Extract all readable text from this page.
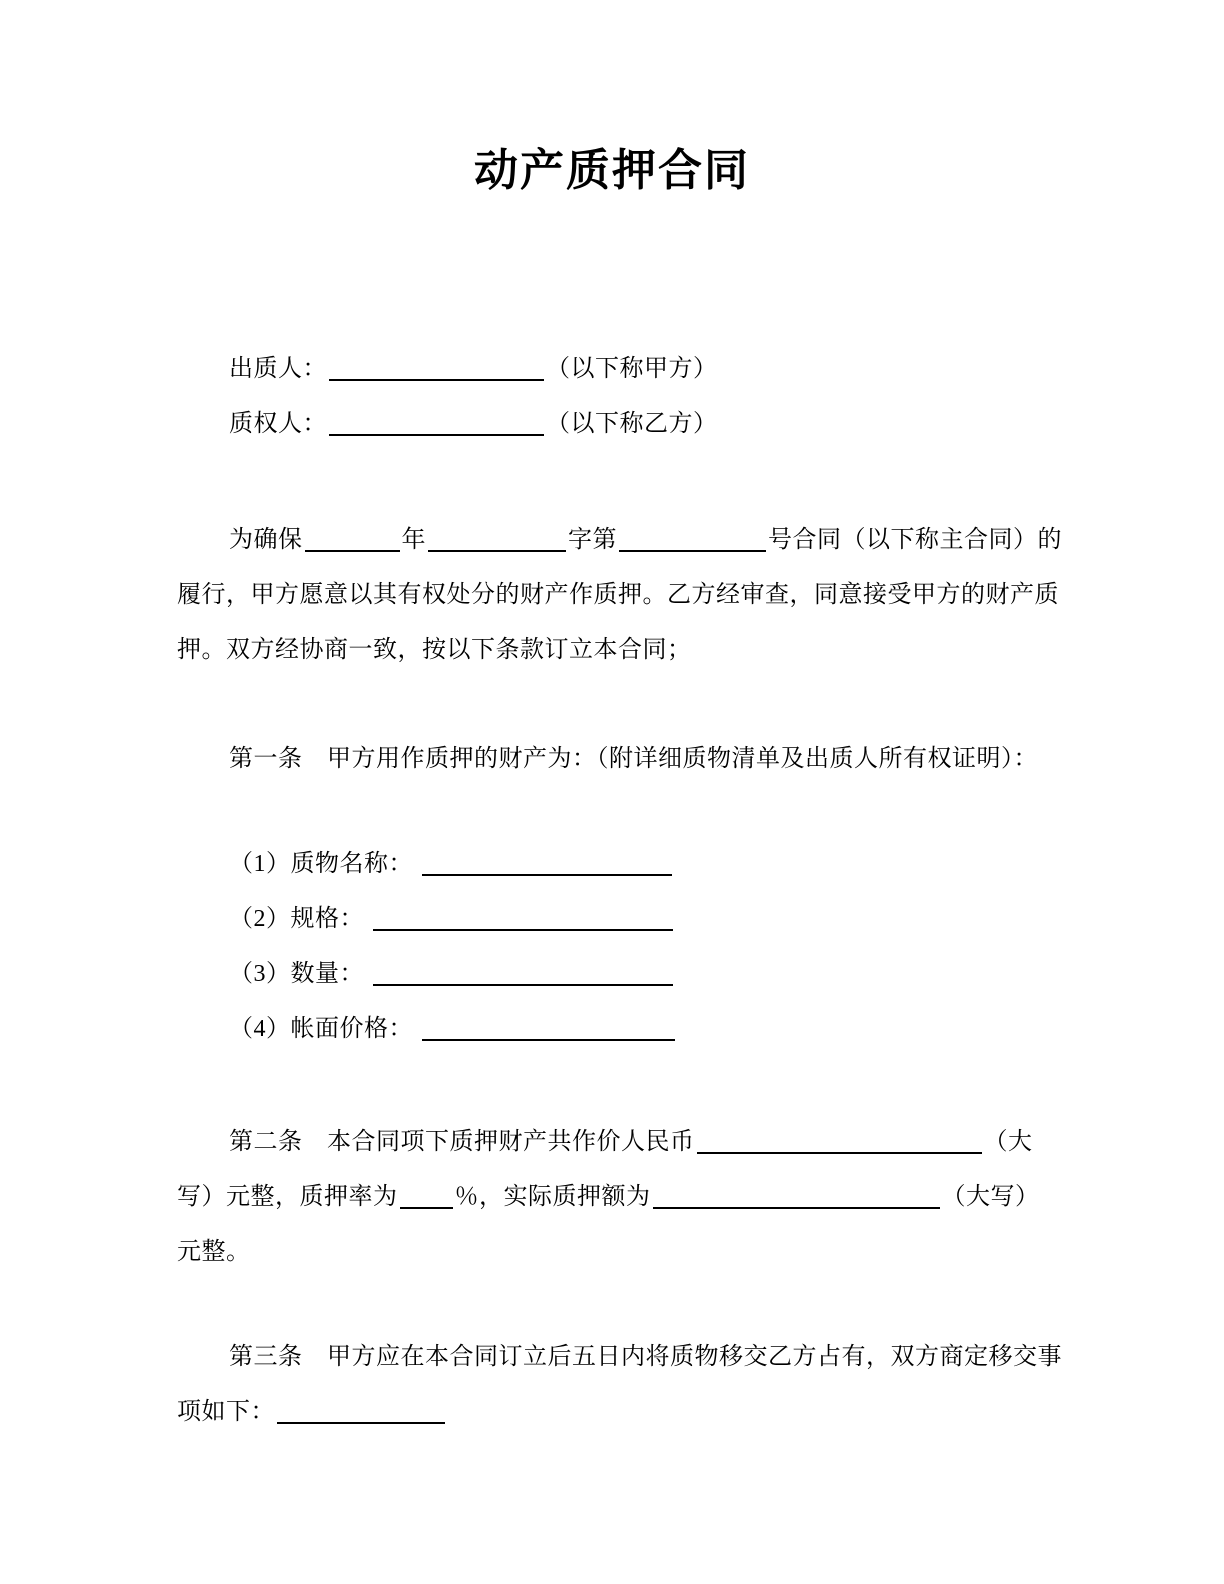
动产质押合同
出质人：	（以下称甲方）
质权人：	（以下称乙方）
为确保	年	字第	号合同（以下称主合同）的
履行，甲方愿意以其有权处分的财产作质押。乙方经审查，同意接受甲方的财产质
押。双方经协商一致，按以下条款订立本合同；
第一条　甲方用作质押的财产为：（附详细质物清单及出质人所有权证明）：
（1）质物名称：
（2）规格：
（3）数量：
（4）帐面价格：
第二条　本合同项下质押财产共作价人民币	（大
写）元整，质押率为 ％，实际质押额为	（大写）
元整。
第三条　甲方应在本合同订立后五日内将质物移交乙方占有，双方商定移交事
项如下：
